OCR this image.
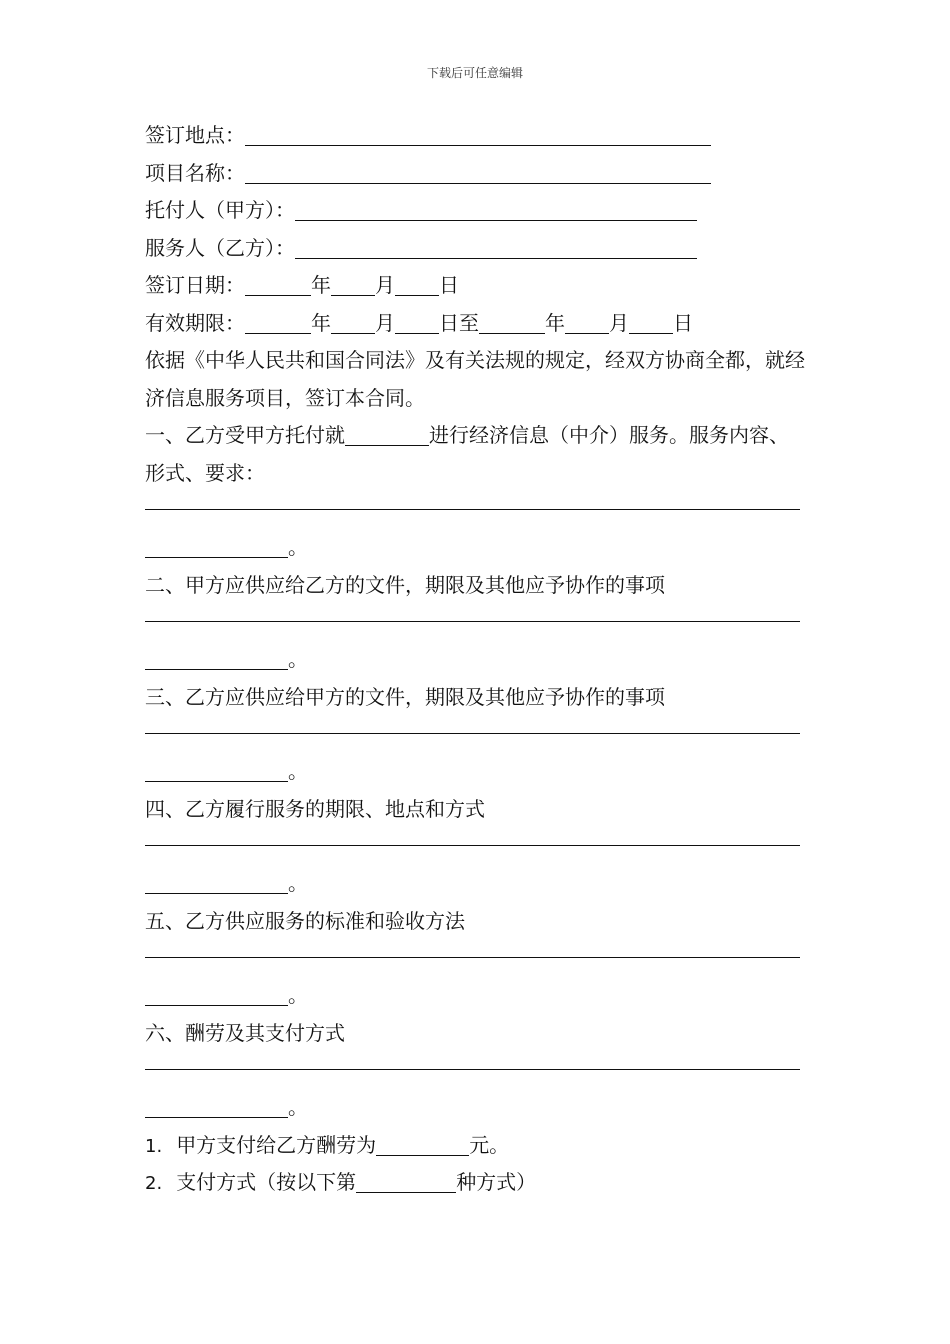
下载后可任意编辑
签订地点：
项目名称：
托付人（甲方）：
服务人（乙方）：
签订日期：	年 月 日
有效期限：	年 月 日至	年 月 日
依据《中华人民共和国合同法》及有关法规的规定，经双方协商全都，就经济信息服务项目，签订本合同。
一、乙方受甲方托付就	进行经济信息（中介）服务。服务内容、形式、要求：
。
二、甲方应供应给乙方的文件，期限及其他应予协作的事项
。
三、乙方应供应给甲方的文件，期限及其他应予协作的事项
。
四、乙方履行服务的期限、地点和方式
。
五、乙方供应服务的标准和验收方法
。
六、酬劳及其支付方式
。
1. 甲方支付给乙方酬劳为	元。
2. 支付方式（按以下第	种方式）
